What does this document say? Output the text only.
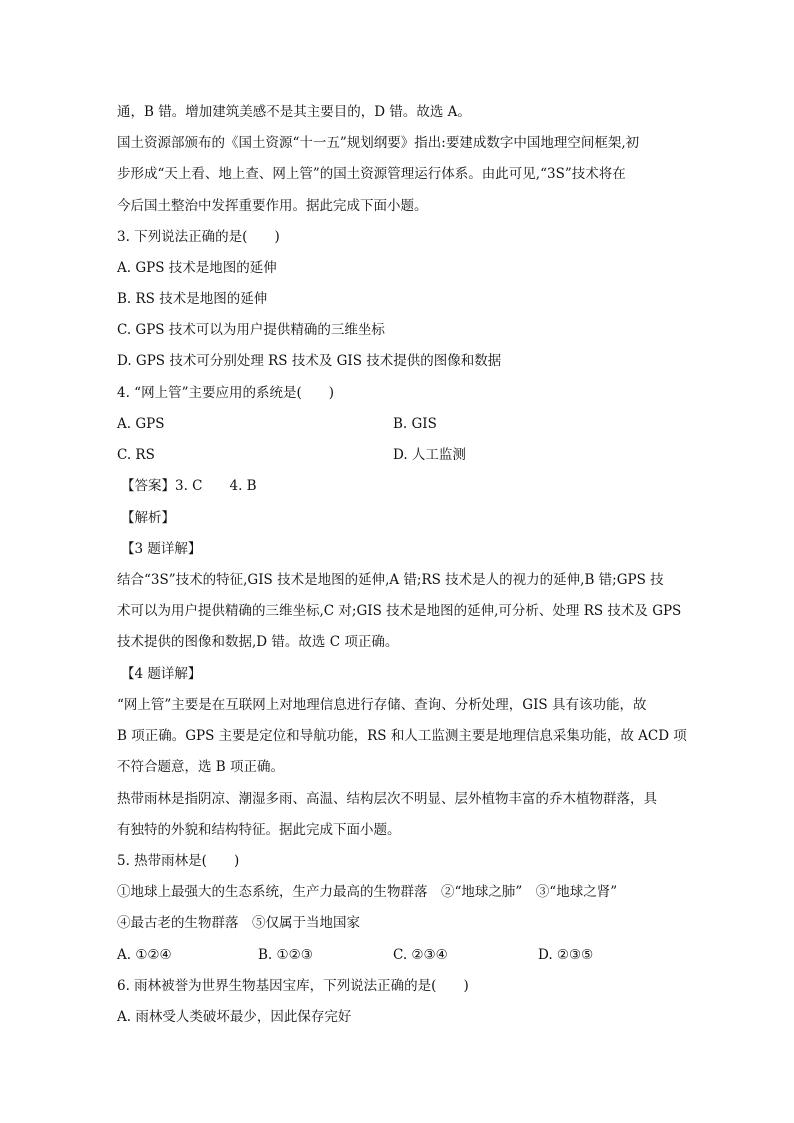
通，B 错。增加建筑美感不是其主要目的，D 错。故选 A。
国土资源部颁布的《国土资源“十一五”规划纲要》指出:要建成数字中国地理空间框架,初
步形成“天上看、地上查、网上管”的国土资源管理运行体系。由此可见,“3S”技术将在
今后国土整治中发挥重要作用。据此完成下面小题。
3. 下列说法正确的是(　　)
A. GPS 技术是地图的延伸
B. RS 技术是地图的延伸
C. GPS 技术可以为用户提供精确的三维坐标
D. GPS 技术可分别处理 RS 技术及 GIS 技术提供的图像和数据
4. “网上管”主要应用的系统是(　　)
A. GPS	B. GIS
C. RS	D. 人工监测
【答案】3. C　　4. B
【解析】
【3 题详解】
结合“3S”技术的特征,GIS 技术是地图的延伸,A 错;RS 技术是人的视力的延伸,B 错;GPS 技
术可以为用户提供精确的三维坐标,C 对;GIS 技术是地图的延伸,可分析、处理 RS 技术及 GPS
技术提供的图像和数据,D 错。故选 C 项正确。
【4 题详解】
“网上管”主要是在互联网上对地理信息进行存储、查询、分析处理，GIS 具有该功能，故
B 项正确。GPS 主要是定位和导航功能，RS 和人工监测主要是地理信息采集功能，故 ACD 项
不符合题意，选 B 项正确。
热带雨林是指阴凉、潮湿多雨、高温、结构层次不明显、层外植物丰富的乔木植物群落，具
有独特的外貌和结构特征。据此完成下面小题。
5. 热带雨林是(　　)
①地球上最强大的生态系统，生产力最高的生物群落　②“地球之肺”　③“地球之肾”
④最古老的生物群落　⑤仅属于当地国家
A. ①②④	B. ①②③	C. ②③④	D. ②③⑤
6. 雨林被誉为世界生物基因宝库，下列说法正确的是(　　)
A. 雨林受人类破坏最少，因此保存完好
